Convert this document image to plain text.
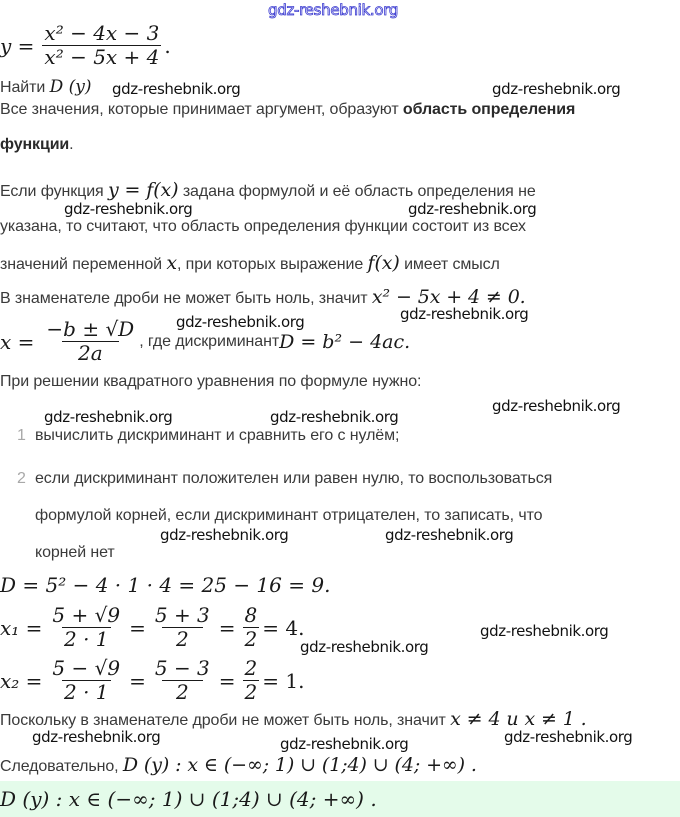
gdz-reshebnik.org
$y = \frac{\text{x² − 4x − 3}}{\text{x² − 5x + 4}}$ .
Найти D (y) gdz-reshebnik.org	gdz-reshebnik.org
Все значения, которые принимает аргумент, образуют область определения
функции.
Если функция y = f(x) задана формулой и её область определения не
gdz-reshebnik.org	gdz-reshebnik.org
указана, то считают, что область определения функции состоит из всех
значений переменной x, при которых выражение f(x) имеет смысл
В знаменателе дроби не может быть ноль, значит x² − 5x + 4 ≠ 0.
gdz-reshebnik.org
gdz-reshebnik.org
$x = \frac{-b \pm √D}{2a}$ , где дискриминант D = b² − 4ac.
При решении квадратного уравнения по формуле нужно:
gdz-reshebnik.org
gdz-reshebnik.org	gdz-reshebnik.org
1 вычислить дискриминант и сравнить его с нулём;
2 если дискриминант положителен или равен нулю, то воспользоваться
формулой корней, если дискриминант отрицателен, то записать, что
gdz-reshebnik.org	gdz-reshebnik.org
корней нет
D = 5² − 4 · 1 · 4 = 25 − 16 = 9.
$x_1 = \frac{5 + √9}{2 \cdot 1} = \frac{5 + 3}{2} = \frac{8}{2} = 4$.	gdz-reshebnik.org
gdz-reshebnik.org
$x_2 = \frac{5 - √9}{2 \cdot 1} = \frac{5 - 3}{2} = \frac{2}{2} = 1$.
Поскольку в знаменателе дроби не может быть ноль, значит x ≠ 4 и x ≠ 1 .
gdz-reshebnik.org	gdz-reshebnik.org
gdz-reshebnik.org
Следовательно, D (y) : x ∈ (−∞; 1) ∪ (1;4) ∪ (4; +∞) .
D (y) : x ∈ (−∞; 1) ∪ (1;4) ∪ (4; +∞) .
